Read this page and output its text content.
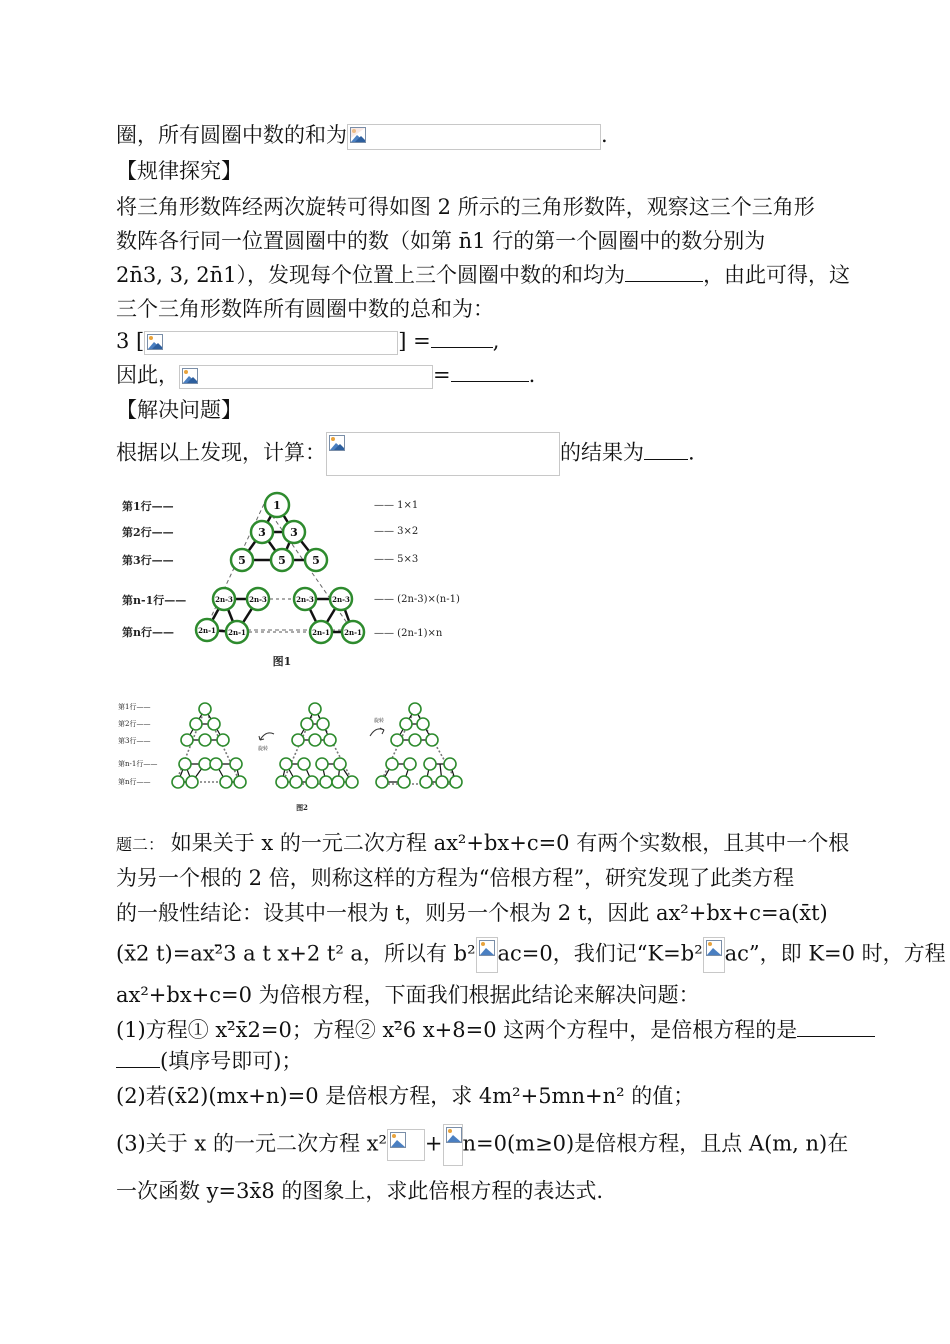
圈，所有圆圈中数的和为	.
【规律探究】
将三角形数阵经两次旋转可得如图 2 所示的三角形数阵，观察这三个三角形
数阵各行同一位置圆圈中的数（如第 n̄1 行的第一个圆圈中的数分别为
2n̄3, 3, 2n̄1），发现每个位置上三个圆圈中数的和均为	，由此可得，这
三个三角形数阵所有圆圈中数的总和为：
3 [	] =	,
因此，	=	.
【解决问题】
根据以上发现，计算：	的结果为 .
第1行——
第2行——
第3行——
第n-1行——
第n行——
—— 1×1
—— 3×2
—— 5×3
—— (2n-3)×(n-1)
—— (2n-1)×n
1
3 3
5	5 5
2n-3 2n-3	2n-3	2n-3
2n-1 2n-1	2n-1 2n-1
图1
第1行——
第2行——
第3行——
第n-1行——
第n行——
旋转
旋转
图2
题二： 如果关于 x 的一元二次方程 ax²+bx+c=0 有两个实数根，且其中一个根
为另一个根的 2 倍，则称这样的方程为“倍根方程”，研究发现了此类方程
的一般性结论：设其中一根为 t，则另一个根为 2 t，因此 ax²+bx+c=a(x̄t)
(x̄2 t)=ax²̄3 a t x+2 t² a，所以有 b² ac=0，我们记“K=b² ac”，即 K=0 时，方程
ax²+bx+c=0 为倍根方程，下面我们根据此结论来解决问题：
(1)方程① x²̄x̄2=0；方程② x²̄6 x+8=0 这两个方程中，是倍根方程的是
(填序号即可)；
(2)若(x̄2)(mx+n)=0 是倍根方程，求 4m²+5mn+n² 的值；
(3)关于 x 的一元二次方程 x² + n=0(m≥0)是倍根方程，且点 A(m, n)在
一次函数 y=3x̄8 的图象上，求此倍根方程的表达式.
